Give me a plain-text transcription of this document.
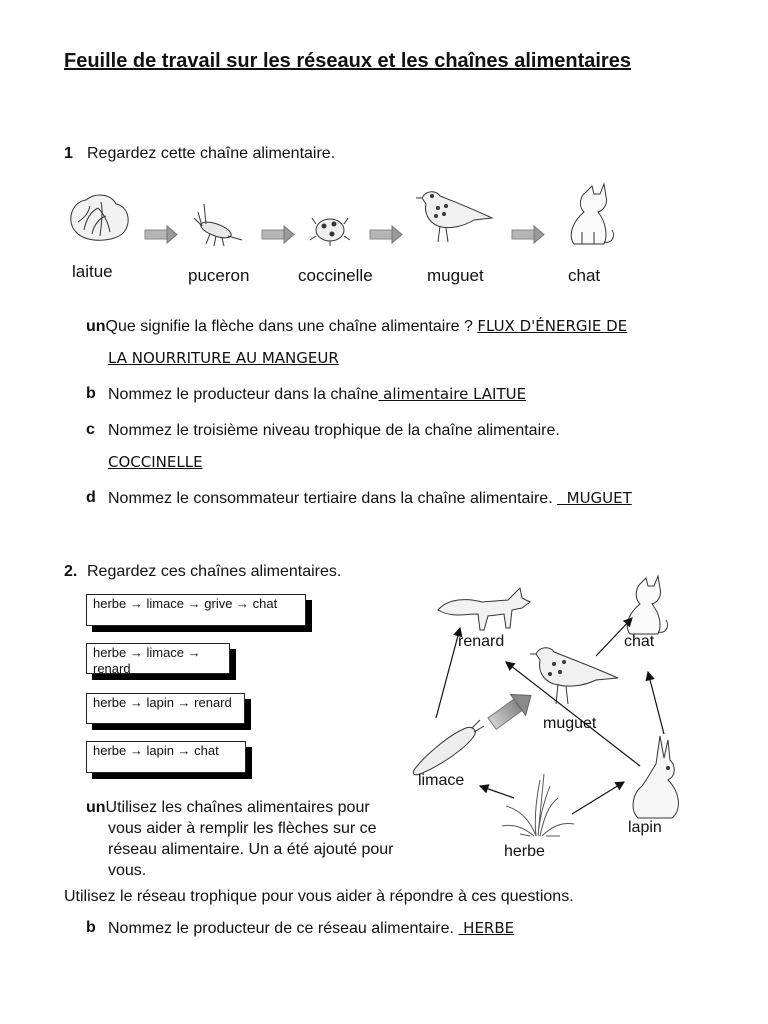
Feuille de travail sur les réseaux et les chaînes alimentaires
1 Regardez cette chaîne alimentaire.
laitue	puceron	coccinelle	muguet	chat
unQue signifie la flèche dans une chaîne alimentaire ? FLUX D'ÉNERGIE DE
LA NOURRITURE AU MANGEUR
b Nommez le producteur dans la chaîne alimentaire LAITUE
c Nommez le troisième niveau trophique de la chaîne alimentaire.
COCCINELLE
d Nommez le consommateur tertiaire dans la chaîne alimentaire.   MUGUET
2. Regardez ces chaînes alimentaires.
herbe → limace → grive → chat
herbe → limace → renard
herbe → lapin → renard
herbe → lapin → chat
renard	chat
muguet
limace
lapin
herbe
unUtilisez les chaînes alimentaires pour
vous aider à remplir les flèches sur ce
réseau alimentaire. Un a été ajouté pour
vous.
Utilisez le réseau trophique pour vous aider à répondre à ces questions.
b Nommez le producteur de ce réseau alimentaire.  HERBE
